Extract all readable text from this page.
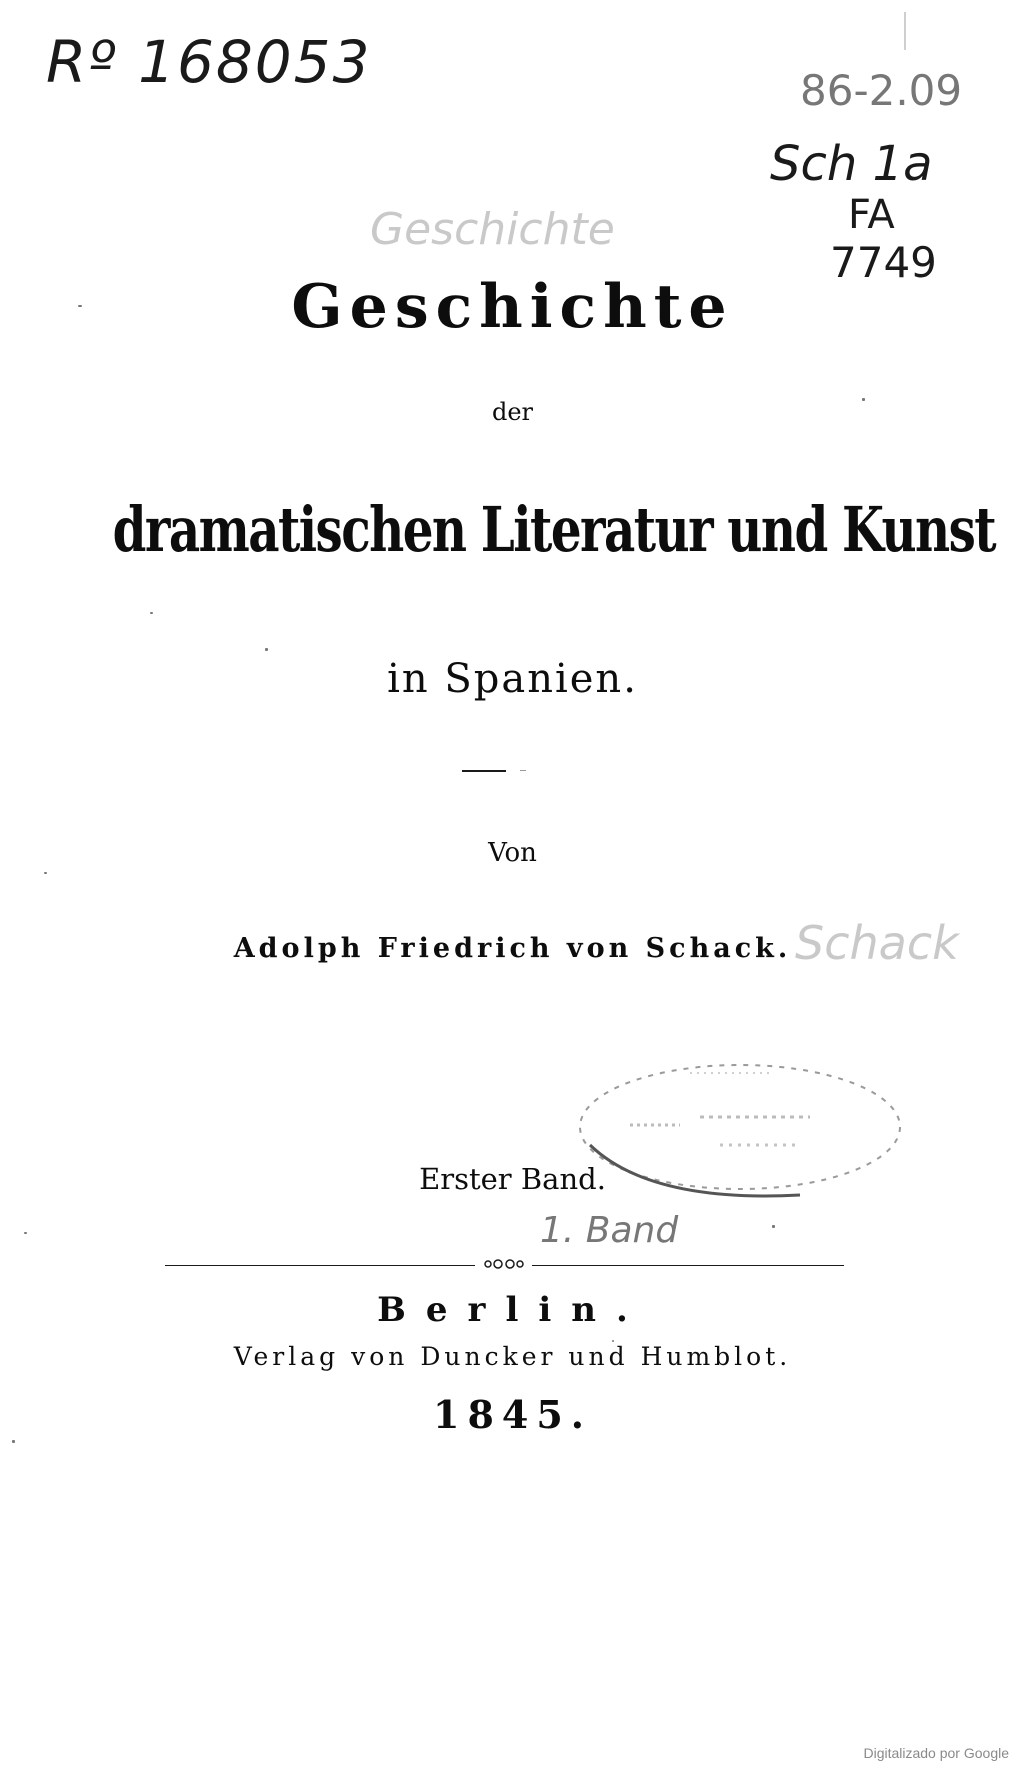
Rº 168053	86-2.09
Sch 1a
FA
7749
Geschichte
Schack
1. Band
Geschichte
der
dramatischen Literatur und Kunst
in Spanien.
Von
Adolph Friedrich von Schack.
Erster Band.
Berlin.
Verlag von Duncker und Humblot.
1845.
Digitalizado por Google
